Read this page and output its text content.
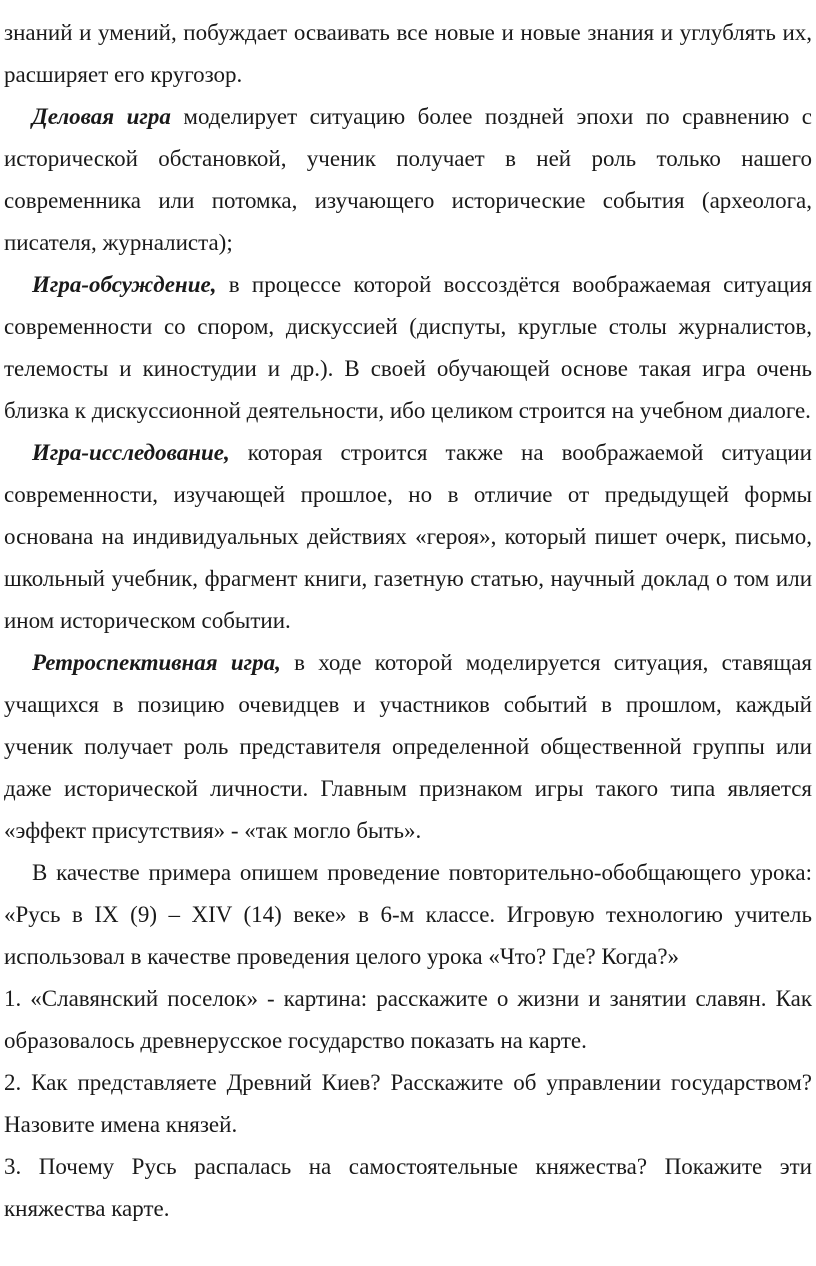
знаний и умений, побуждает осваивать все новые и новые знания и углублять их, расширяет его кругозор.

Деловая игра моделирует ситуацию более поздней эпохи по сравнению с исторической обстановкой, ученик получает в ней роль только нашего современника или потомка, изучающего исторические события (археолога, писателя, журналиста);

Игра-обсуждение, в процессе которой воссоздётся воображаемая ситуация современности со спором, дискуссией (диспуты, круглые столы журналистов, телемосты и киностудии и др.). В своей обучающей основе такая игра очень близка к дискуссионной деятельности, ибо целиком строится на учебном диалоге.

Игра-исследование, которая строится также на воображаемой ситуации современности, изучающей прошлое, но в отличие от предыдущей формы основана на индивидуальных действиях «героя», который пишет очерк, письмо, школьный учебник, фрагмент книги, газетную статью, научный доклад о том или ином историческом событии.

Ретроспективная игра, в ходе которой моделируется ситуация, ставящая учащихся в позицию очевидцев и участников событий в прошлом, каждый ученик получает роль представителя определенной общественной группы или даже исторической личности. Главным признаком игры такого типа является «эффект присутствия» - «так могло быть».

В качестве примера опишем проведение повторительно-обобщающего урока: «Русь в IX (9) – XIV (14) веке» в 6-м классе. Игровую технологию учитель использовал в качестве проведения целого урока «Что? Где? Когда?»

1. «Славянский поселок» - картина: расскажите о жизни и занятии славян. Как образовалось древнерусское государство показать на карте.

2. Как представляете Древний Киев? Расскажите об управлении государством? Назовите имена князей.

3. Почему Русь распалась на самостоятельные княжества? Покажите эти княжества карте.
